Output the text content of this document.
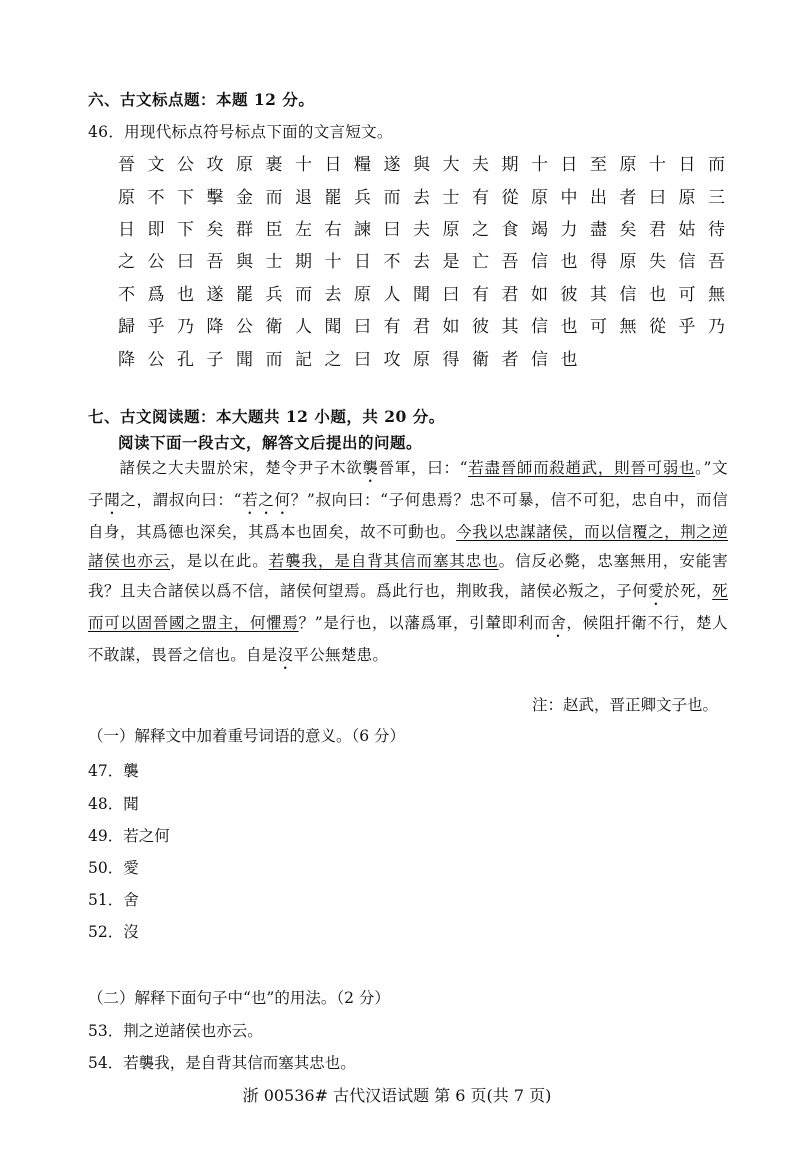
六、古文标点题：本题 12 分。
46．用现代标点符号标点下面的文言短文。
晉 文 公 攻 原 裹 十 日 糧 遂 與 大 夫 期 十 日 至 原 十 日 而
原 不 下 擊 金 而 退 罷 兵 而 去 士 有 從 原 中 出 者 曰 原 三
日 即 下 矣 群 臣 左 右 諫 曰 夫 原 之 食 竭 力 盡 矣 君 姑 待
之 公 曰 吾 與 士 期 十 日 不 去 是 亡 吾 信 也 得 原 失 信 吾
不 爲 也 遂 罷 兵 而 去 原 人 聞 曰 有 君 如 彼 其 信 也 可 無
歸 乎 乃 降 公 衛 人 聞 曰 有 君 如 彼 其 信 也 可 無 從 乎 乃
降 公 孔 子 聞 而 記 之 曰 攻 原 得 衛 者 信 也
七、古文阅读题：本大题共 12 小题，共 20 分。
阅读下面一段古文，解答文后提出的问题。
諸侯之大夫盟於宋，楚令尹子木欲襲晉軍，曰：“若盡晉師而殺趙武，則晉可弱也。”文子聞之，謂叔向曰：“若之何？”叔向曰：“子何患焉？忠不可暴，信不可犯，忠自中，而信自身，其爲德也深矣，其爲本也固矣，故不可動也。今我以忠謀諸侯，而以信覆之，荆之逆諸侯也亦云，是以在此。若襲我，是自背其信而塞其忠也。信反必斃，忠塞無用，安能害我？且夫合諸侯以爲不信，諸侯何望焉。爲此行也，荆敗我，諸侯必叛之，子何愛於死，死而可以固晉國之盟主，何懼焉？”是行也，以藩爲軍，引輦即利而舍，候阻扞衛不行，楚人不敢謀，畏晉之信也。自是沒平公無楚患。
注：赵武，晋正卿文子也。
（一）解释文中加着重号词语的意义。（6 分）
47．襲
48．聞
49．若之何
50．愛
51．舍
52．沒
（二）解释下面句子中“也”的用法。（2 分）
53．荆之逆諸侯也亦云。
54．若襲我，是自背其信而塞其忠也。
浙 00536# 古代汉语试题 第 6 页(共 7 页)
